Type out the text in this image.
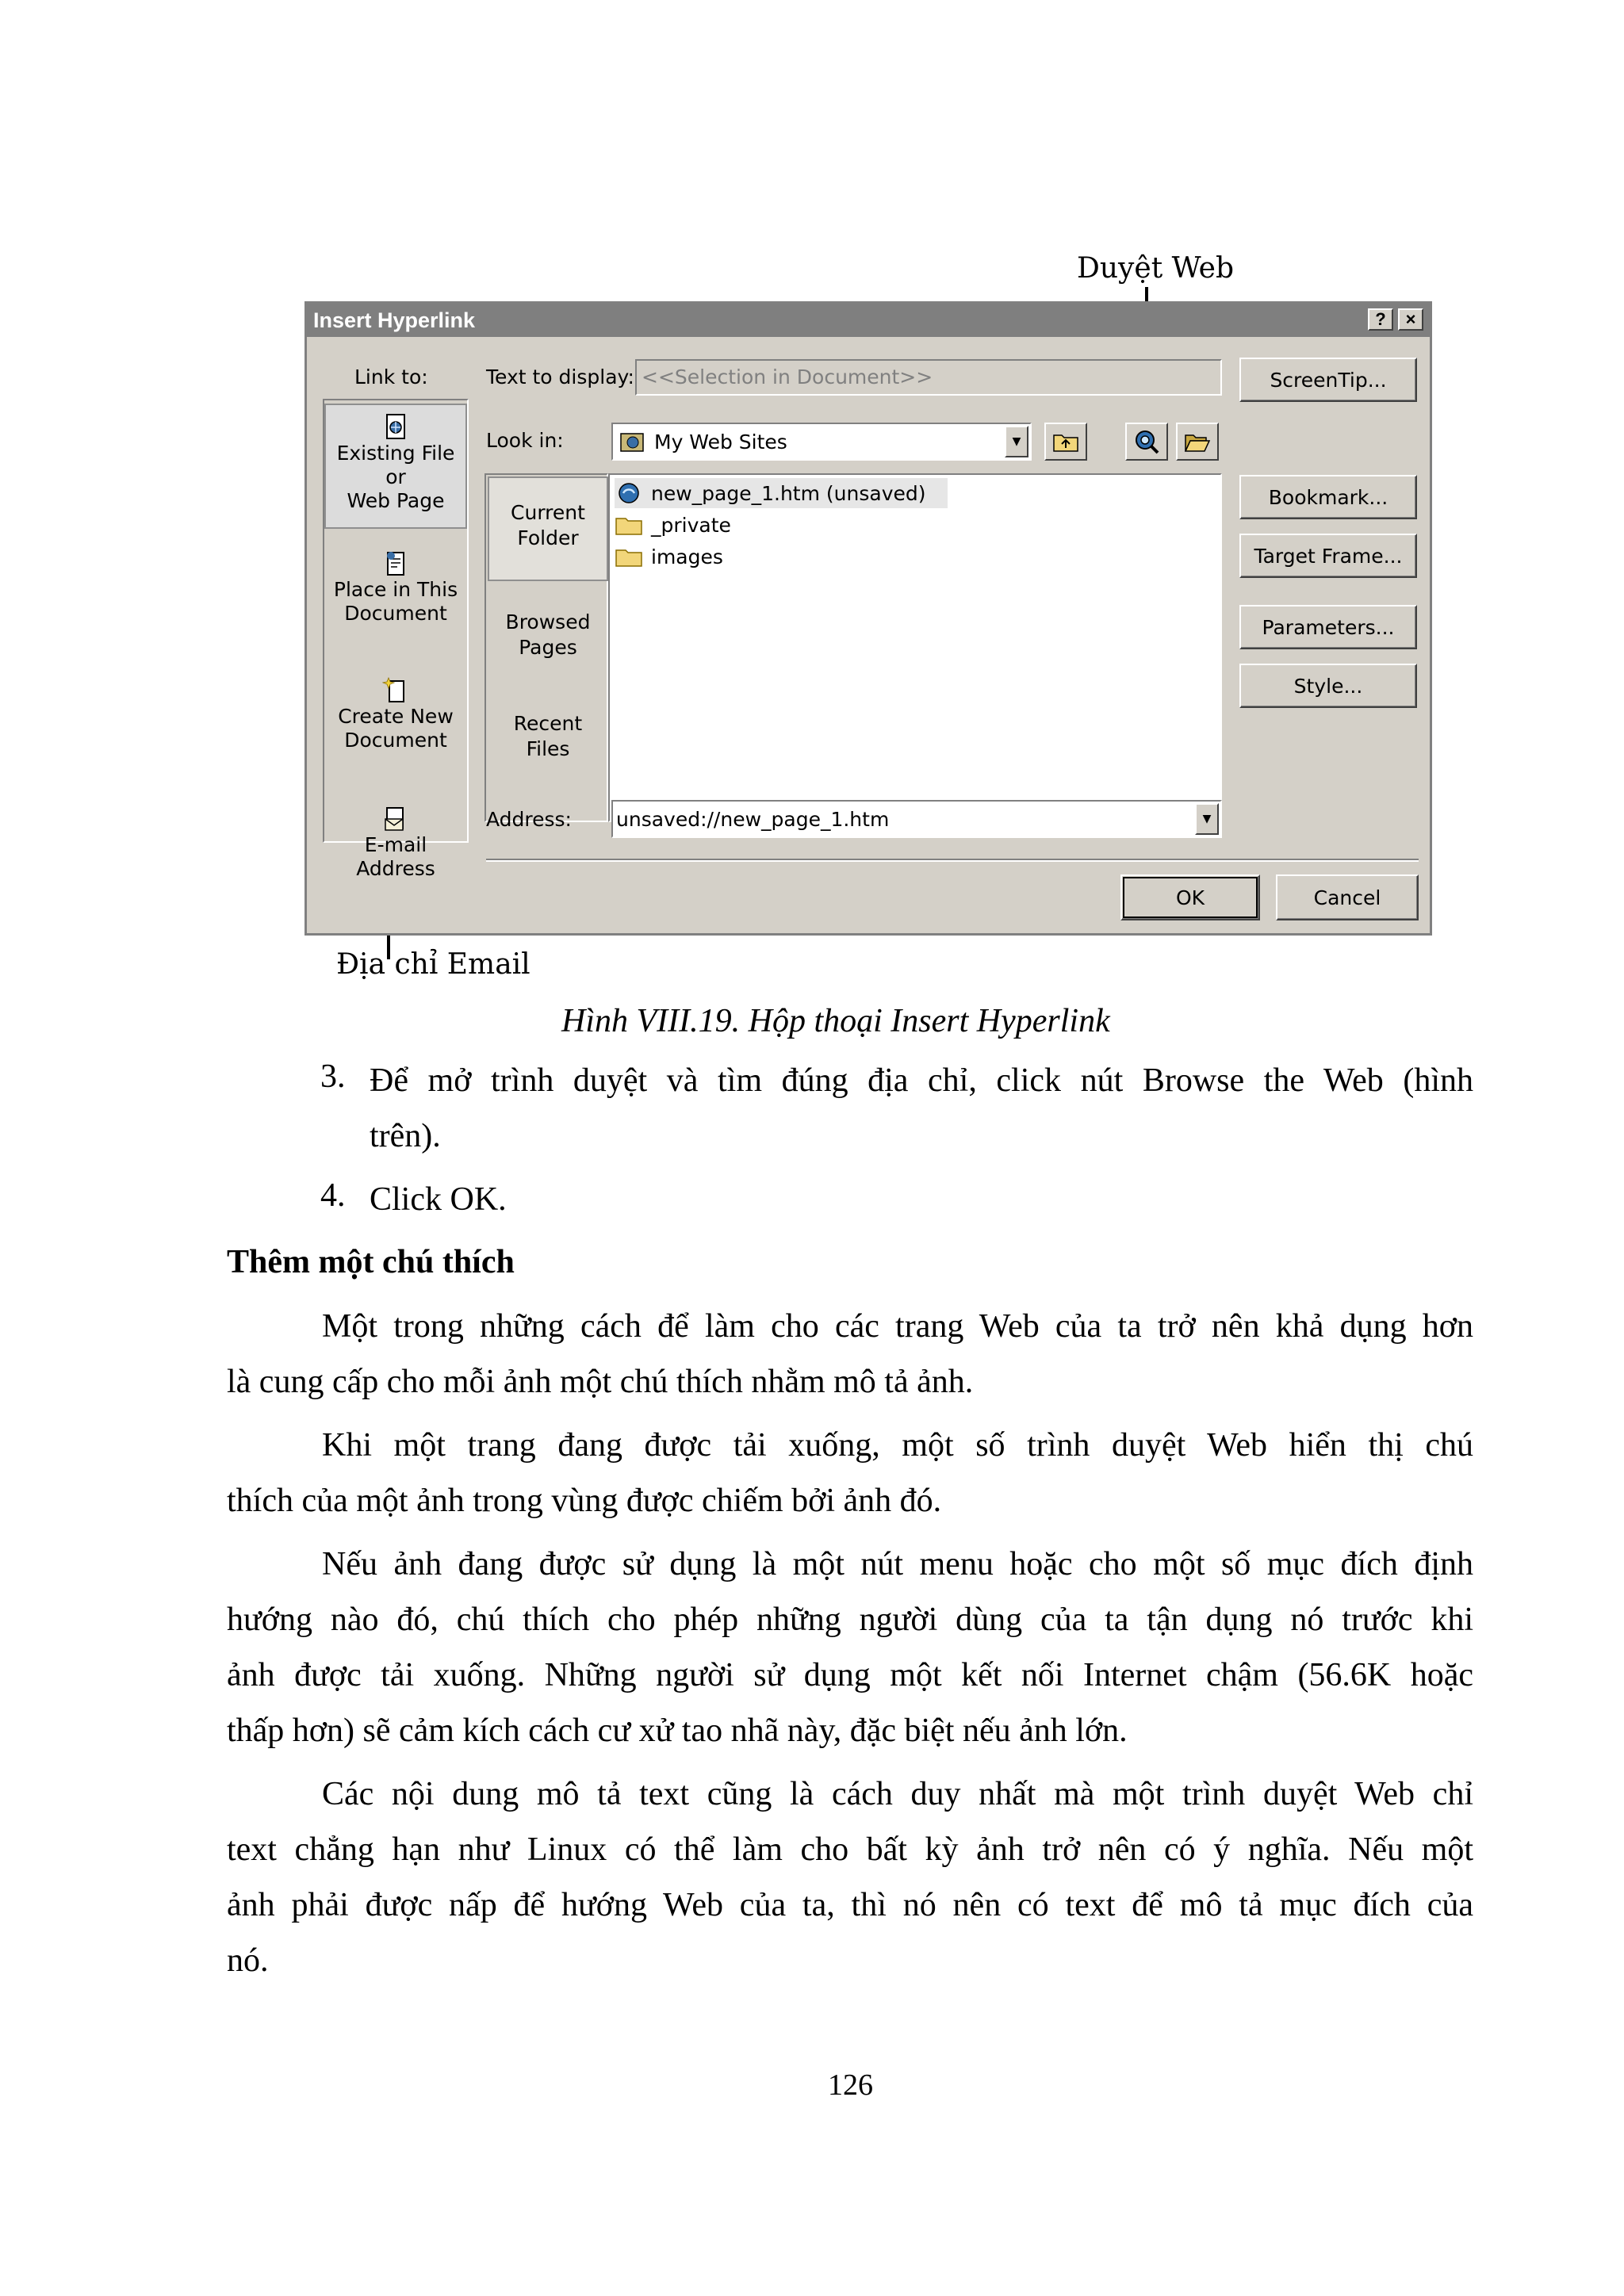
Duyệt Web
Địa chỉ Email
Insert Hyperlink	?	×
Link to:
Existing File or
Web Page
Place in This
Document
Create New
Document
E-mail Address
Text to display: <<Selection in Document>>	ScreenTip...
Look in:	My Web Sites	▼
Current
Folder
Browsed
Pages
Recent
Files
new_page_1.htm (unsaved)
_private
images
Bookmark...
Target Frame...
Parameters...
Style...
Address: unsaved://new_page_1.htm	▼
OK	Cancel
Hình VIII.19. Hộp thoại Insert Hyperlink
3. Để mở trình duyệt và tìm đúng địa chỉ, click nút Browse the Web (hình
trên).
4. Click OK.
Thêm một chú thích
Một trong những cách để làm cho các trang Web của ta trở nên khả dụng hơn
là cung cấp cho mỗi ảnh một chú thích nhằm mô tả ảnh.
Khi một trang đang được tải xuống, một số trình duyệt Web hiển thị chú
thích của một ảnh trong vùng được chiếm bởi ảnh đó.
Nếu ảnh đang được sử dụng là một nút menu hoặc cho một số mục đích định
hướng nào đó, chú thích cho phép những người dùng của ta tận dụng nó trước khi
ảnh được tải xuống. Những người sử dụng một kết nối Internet chậm (56.6K hoặc
thấp hơn) sẽ cảm kích cách cư xử tao nhã này, đặc biệt nếu ảnh lớn.
Các nội dung mô tả text cũng là cách duy nhất mà một trình duyệt Web chỉ
text chẳng hạn như Linux có thể làm cho bất kỳ ảnh trở nên có ý nghĩa. Nếu một
ảnh phải được nấp để hướng Web của ta, thì nó nên có text để mô tả mục đích của
nó.
126
